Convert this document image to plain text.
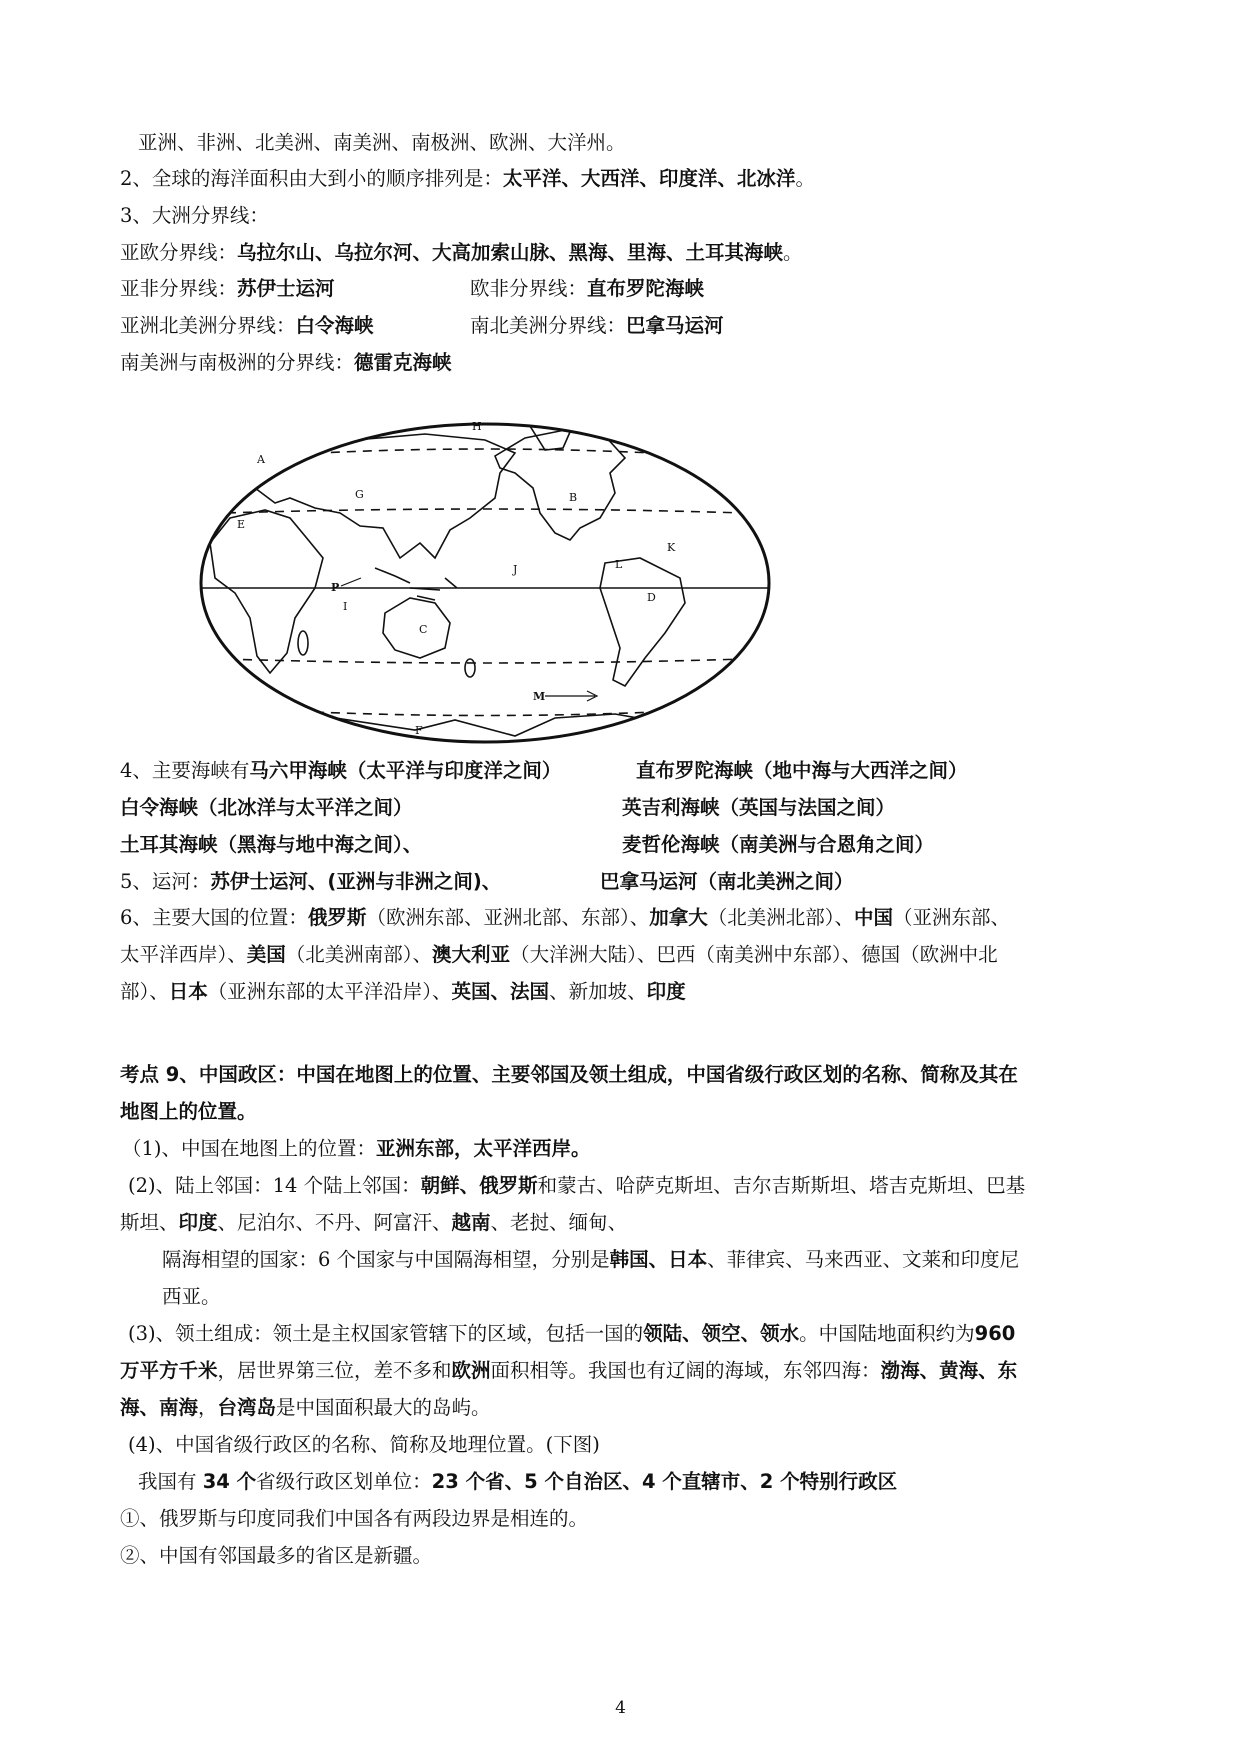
亚洲、非洲、北美洲、南美洲、南极洲、欧洲、大洋州。
2、全球的海洋面积由大到小的顺序排列是：太平洋、大西洋、印度洋、北冰洋。
3、大洲分界线：
亚欧分界线：乌拉尔山、乌拉尔河、大高加索山脉、黑海、里海、土耳其海峡。
亚非分界线：苏伊士运河	欧非分界线：直布罗陀海峡
亚洲北美洲分界线：白令海峡	南北美洲分界线：巴拿马运河
南美洲与南极洲的分界线：德雷克海峡
A
B
C
D
E
F
G
H
I
J
K
L
M
P
4、主要海峡有马六甲海峡（太平洋与印度洋之间）	直布罗陀海峡（地中海与大西洋之间）
白令海峡（北冰洋与太平洋之间）	英吉利海峡（英国与法国之间）
土耳其海峡（黑海与地中海之间）、	麦哲伦海峡（南美洲与合恩角之间）
5、运河：苏伊士运河、(亚洲与非洲之间)、	巴拿马运河（南北美洲之间）
6、主要大国的位置：俄罗斯（欧洲东部、亚洲北部、东部）、加拿大（北美洲北部）、中国（亚洲东部、
太平洋西岸）、美国（北美洲南部）、澳大利亚（大洋洲大陆）、巴西（南美洲中东部）、德国（欧洲中北
部）、日本（亚洲东部的太平洋沿岸）、英国、法国、新加坡、印度
考点 9、中国政区：中国在地图上的位置、主要邻国及领土组成，中国省级行政区划的名称、简称及其在
地图上的位置。
（1)、中国在地图上的位置：亚洲东部，太平洋西岸。
(2)、陆上邻国：14 个陆上邻国：朝鲜、俄罗斯和蒙古、哈萨克斯坦、吉尔吉斯斯坦、塔吉克斯坦、巴基
斯坦、印度、尼泊尔、不丹、阿富汗、越南、老挝、缅甸、
隔海相望的国家：6 个国家与中国隔海相望，分别是韩国、日本、菲律宾、马来西亚、文莱和印度尼
西亚。
(3)、领土组成：领土是主权国家管辖下的区域，包括一国的领陆、领空、领水。中国陆地面积约为960
万平方千米，居世界第三位，差不多和欧洲面积相等。我国也有辽阔的海域，东邻四海：渤海、黄海、东
海、南海，台湾岛是中国面积最大的岛屿。
(4)、中国省级行政区的名称、简称及地理位置。(下图)
我国有 34 个省级行政区划单位：23 个省、5 个自治区、4 个直辖市、2 个特别行政区
①、俄罗斯与印度同我们中国各有两段边界是相连的。
②、中国有邻国最多的省区是新疆。
4
